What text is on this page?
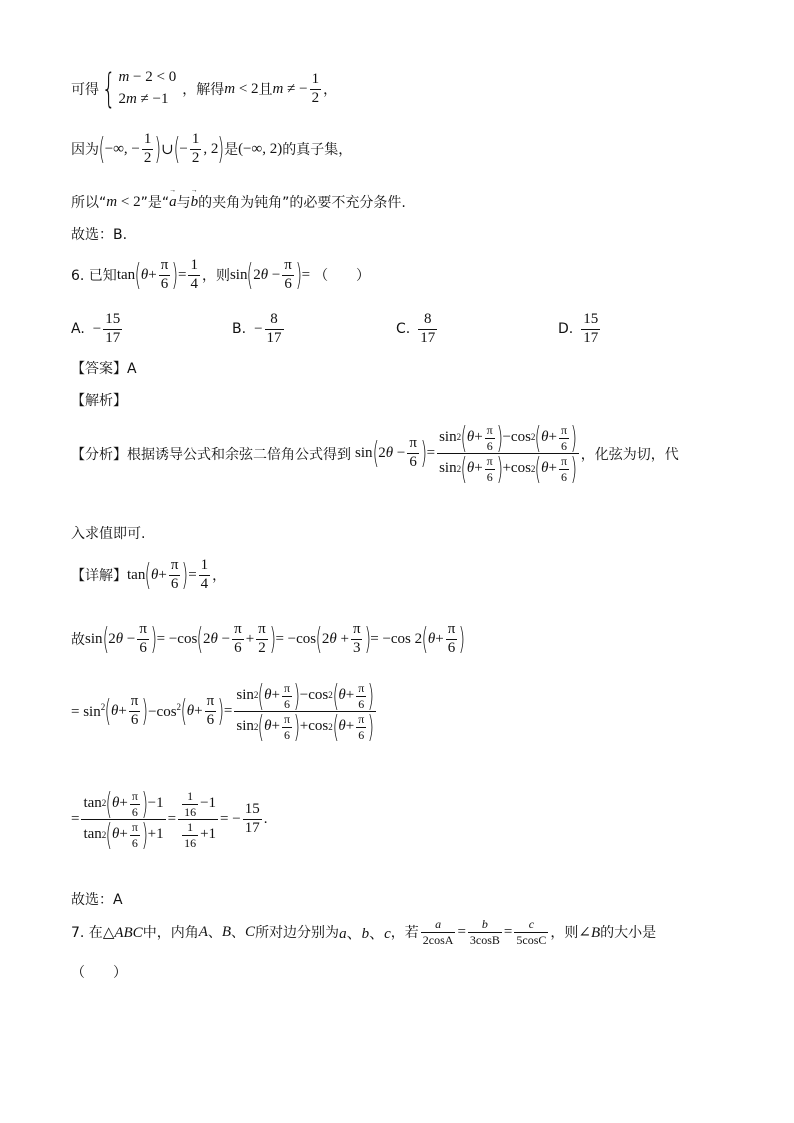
可得 { m − 2 < 0
2m ≠ −1
，解得 m < 2 且 m ≠ − $\frac{1}{2}$ ，
因为 ( −∞, − $\frac{1}{2}$ ) ∪ ( − $\frac{1}{2}$ , 2 ) 是 (−∞, 2) 的真子集，
所以“ m < 2 ”是“ → a 与 → b 的夹角为钝角”的必要不充分条件.
故选：B.
6. 已知 tan ( $\theta + \frac{\pi}{6}$ ) = $\frac{1}{4}$ ，则 sin ( $2\theta - \frac{\pi}{6}$ ) = （　　）
A. − $\frac{15}{17}$	B. − $\frac{8}{17}$	C. $\frac{8}{17}$	D. $\frac{15}{17}$
【答案】A
【解析】
【分析】根据诱导公式和余弦二倍角公式得到 sin ( $2\theta - \frac{\pi}{6}$ ) = $\frac{\sin 2 ( \theta + \frac{\pi}{6} ) -\cos 2 ( \theta + \frac{\pi}{6} )}{\sin 2 ( \theta + \frac{\pi}{6} ) +\cos 2 ( \theta + \frac{\pi}{6} )}$ ，化弦为切，代
入求值即可.
【详解】 tan ( $\theta + \frac{\pi}{6}$ ) = $\frac{1}{4}$ ，
故 sin ( $2\theta - \frac{\pi}{6}$ ) = −cos ( $2\theta - \frac{\pi}{6} + \frac{\pi}{2}$ ) = −cos ( $2\theta + \frac{\pi}{3}$ ) = −cos 2 ( $\theta + \frac{\pi}{6}$ )
= $\sin^2$ ( $\theta + \frac{\pi}{6}$ ) $-\cos^2$ ( $\theta + \frac{\pi}{6}$ ) = $\frac{\sin 2 ( \theta + \frac{\pi}{6} ) -\cos 2 ( \theta + \frac{\pi}{6} )}{\sin 2 ( \theta + \frac{\pi}{6} ) +\cos 2 ( \theta + \frac{\pi}{6} )}$
= $\frac{\tan 2 ( \theta + \frac{\pi}{6} ) -1}{\tan 2 ( \theta + \frac{\pi}{6} ) +1} = \frac{\frac{1}{16} -1}{\frac{1}{16} +1}$ = − $\frac{15}{17}$ .
故选：A
7. 在 △ABC 中，内角 A 、 B 、 C 所对边分别为 a、b、c ，若 $\frac{a}{2\cos A} = \frac{b}{3\cos B} = \frac{c}{5\cos C}$ ，则 ∠B 的大小是
（　　）
